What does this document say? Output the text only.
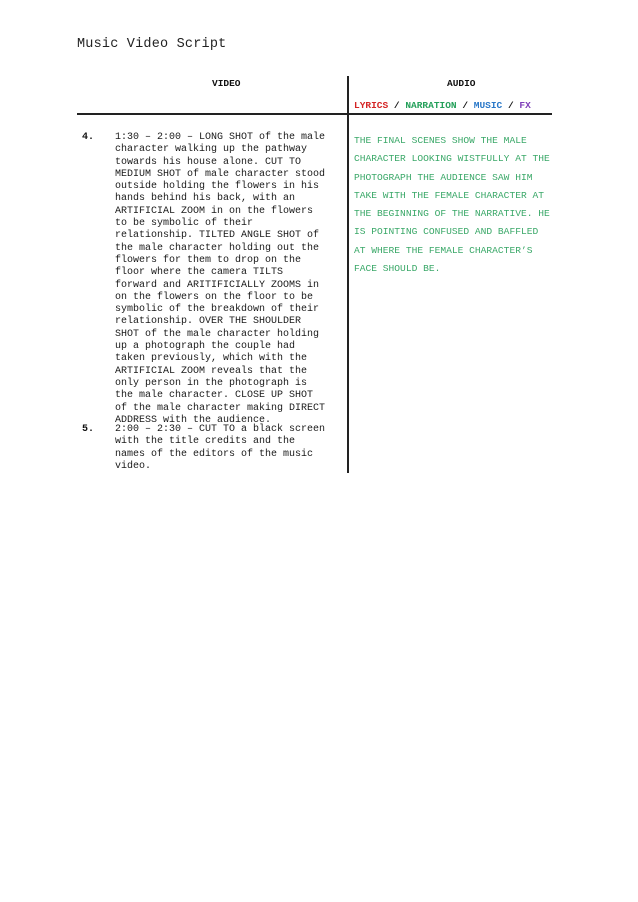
Music Video Script
VIDEO	AUDIO
LYRICS / NARRATION / MUSIC / FX
4. 1:30 – 2:00 – LONG SHOT of the male
character walking up the pathway
towards his house alone. CUT TO
MEDIUM SHOT of male character stood
outside holding the flowers in his
hands behind his back, with an
ARTIFICIAL ZOOM in on the flowers
to be symbolic of their
relationship. TILTED ANGLE SHOT of
the male character holding out the
flowers for them to drop on the
floor where the camera TILTS
forward and ARITIFICIALLY ZOOMS in
on the flowers on the floor to be
symbolic of the breakdown of their
relationship. OVER THE SHOULDER
SHOT of the male character holding
up a photograph the couple had
taken previously, which with the
ARTIFICIAL ZOOM reveals that the
only person in the photograph is
the male character. CLOSE UP SHOT
of the male character making DIRECT
ADDRESS with the audience.
5. 2:00 – 2:30 – CUT TO a black screen
with the title credits and the
names of the editors of the music
video.
THE FINAL SCENES SHOW THE MALE
CHARACTER LOOKING WISTFULLY AT THE
PHOTOGRAPH THE AUDIENCE SAW HIM
TAKE WITH THE FEMALE CHARACTER AT
THE BEGINNING OF THE NARRATIVE. HE
IS POINTING CONFUSED AND BAFFLED
AT WHERE THE FEMALE CHARACTER’S
FACE SHOULD BE.
